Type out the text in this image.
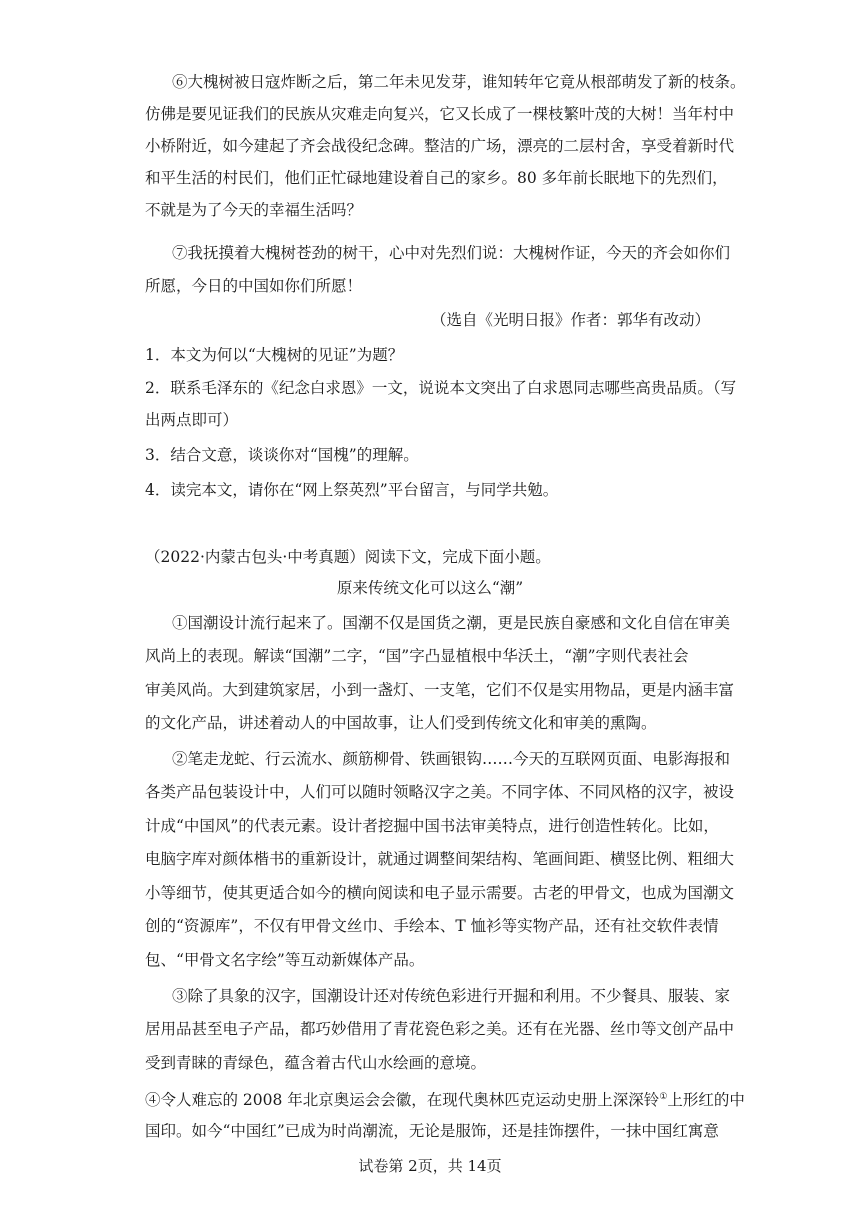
⑥大槐树被日寇炸断之后，第二年未见发芽，谁知转年它竟从根部萌发了新的枝条。
仿佛是要见证我们的民族从灾难走向复兴，它又长成了一棵枝繁叶茂的大树！当年村中
小桥附近，如今建起了齐会战役纪念碑。整洁的广场，漂亮的二层村舍，享受着新时代
和平生活的村民们，他们正忙碌地建设着自己的家乡。80 多年前长眠地下的先烈们，
不就是为了今天的幸福生活吗？
⑦我抚摸着大槐树苍劲的树干，心中对先烈们说：大槐树作证，今天的齐会如你们
所愿，今日的中国如你们所愿！
（选自《光明日报》作者：郭华有改动）
1．本文为何以“大槐树的见证”为题？
2．联系毛泽东的《纪念白求恩》一文，说说本文突出了白求恩同志哪些高贵品质。（写
出两点即可）
3．结合文意，谈谈你对“国槐”的理解。
4．读完本文，请你在“网上祭英烈”平台留言，与同学共勉。
（2022·内蒙古包头·中考真题）阅读下文，完成下面小题。
原来传统文化可以这么“潮”
①国潮设计流行起来了。国潮不仅是国货之潮，更是民族自豪感和文化自信在审美
风尚上的表现。解读“国潮”二字，“国”字凸显植根中华沃土，“潮”字则代表社会
审美风尚。大到建筑家居，小到一盏灯、一支笔，它们不仅是实用物品，更是内涵丰富
的文化产品，讲述着动人的中国故事，让人们受到传统文化和审美的熏陶。
②笔走龙蛇、行云流水、颜筋柳骨、铁画银钩……今天的互联网页面、电影海报和
各类产品包装设计中，人们可以随时领略汉字之美。不同字体、不同风格的汉字，被设
计成“中国风”的代表元素。设计者挖掘中国书法审美特点，进行创造性转化。比如，
电脑字库对颜体楷书的重新设计，就通过调整间架结构、笔画间距、横竖比例、粗细大
小等细节，使其更适合如今的横向阅读和电子显示需要。古老的甲骨文，也成为国潮文
创的“资源库”，不仅有甲骨文丝巾、手绘本、T 恤衫等实物产品，还有社交软件表情
包、“甲骨文名字绘”等互动新媒体产品。
③除了具象的汉字，国潮设计还对传统色彩进行开掘和利用。不少餐具、服装、家
居用品甚至电子产品，都巧妙借用了青花瓷色彩之美。还有在光器、丝巾等文创产品中
受到青睐的青绿色，蕴含着古代山水绘画的意境。
④令人难忘的 2008 年北京奥运会会徽，在现代奥林匹克运动史册上深深铃①上形红的中
国印。如今“中国红”已成为时尚潮流，无论是服饰，还是挂饰摆件，一抹中国红寓意
试卷第 2页，共 14页
